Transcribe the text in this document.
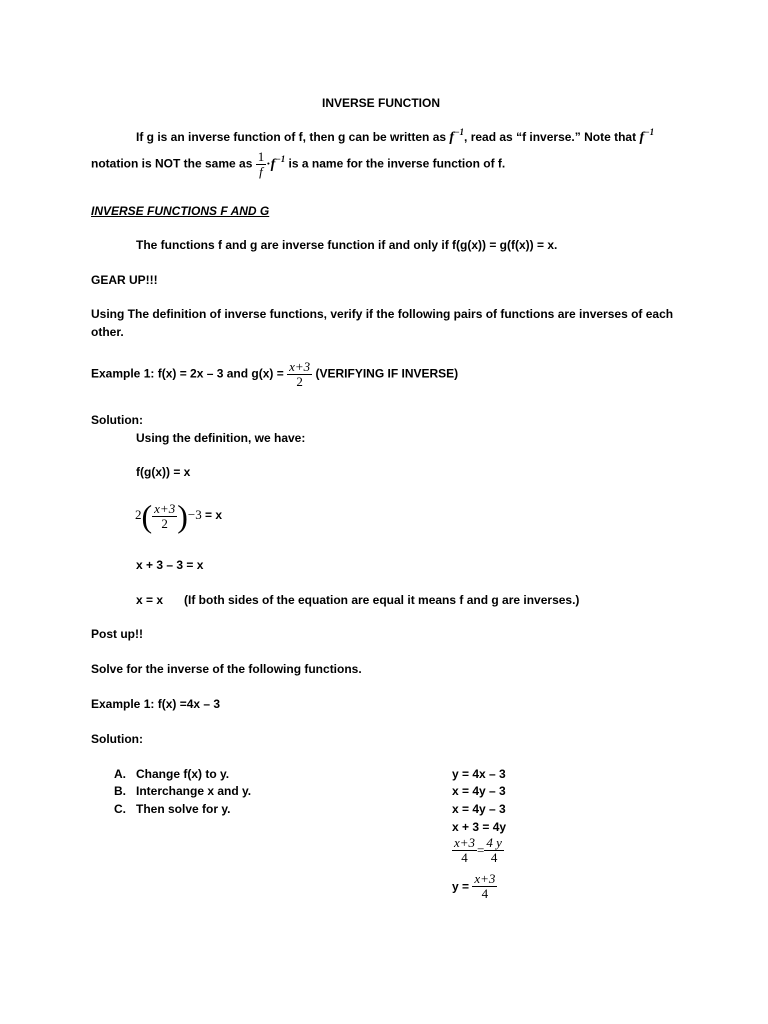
INVERSE FUNCTION
If g is an inverse function of f, then g can be written as $f^{-1}$, read as “f inverse.” Note that $f^{-1}$
notation is NOT the same as $\frac{1}{f} \cdot f^{-1}$ is a name for the inverse function of f.
INVERSE FUNCTIONS F AND G
The functions f and g are inverse function if and only if f(g(x)) = g(f(x)) = x.
GEAR UP!!!
Using The definition of inverse functions, verify if the following pairs of functions are inverses of each
other.
Example 1: f(x) = 2x – 3 and $g(x) = \frac{x+3}{2}$ (VERIFYING IF INVERSE)
Solution:
Using the definition, we have:
f(g(x)) = x
$2( \frac{x+3}{2} )-3 = x$
x + 3 – 3 = x
x = x (If both sides of the equation are equal it means f and g are inverses.)
Post up!!
Solve for the inverse of the following functions.
Example 1: f(x) =4x – 3
Solution:
A. Change f(x) to y.
B. Interchange x and y.
C. Then solve for y.
y = 4x – 3
x = 4y – 3
x = 4y – 3
x + 3 = 4y
$\frac{x+3}{4} = \frac{4 y}{4}$
$y = \frac{x+3}{4}$
